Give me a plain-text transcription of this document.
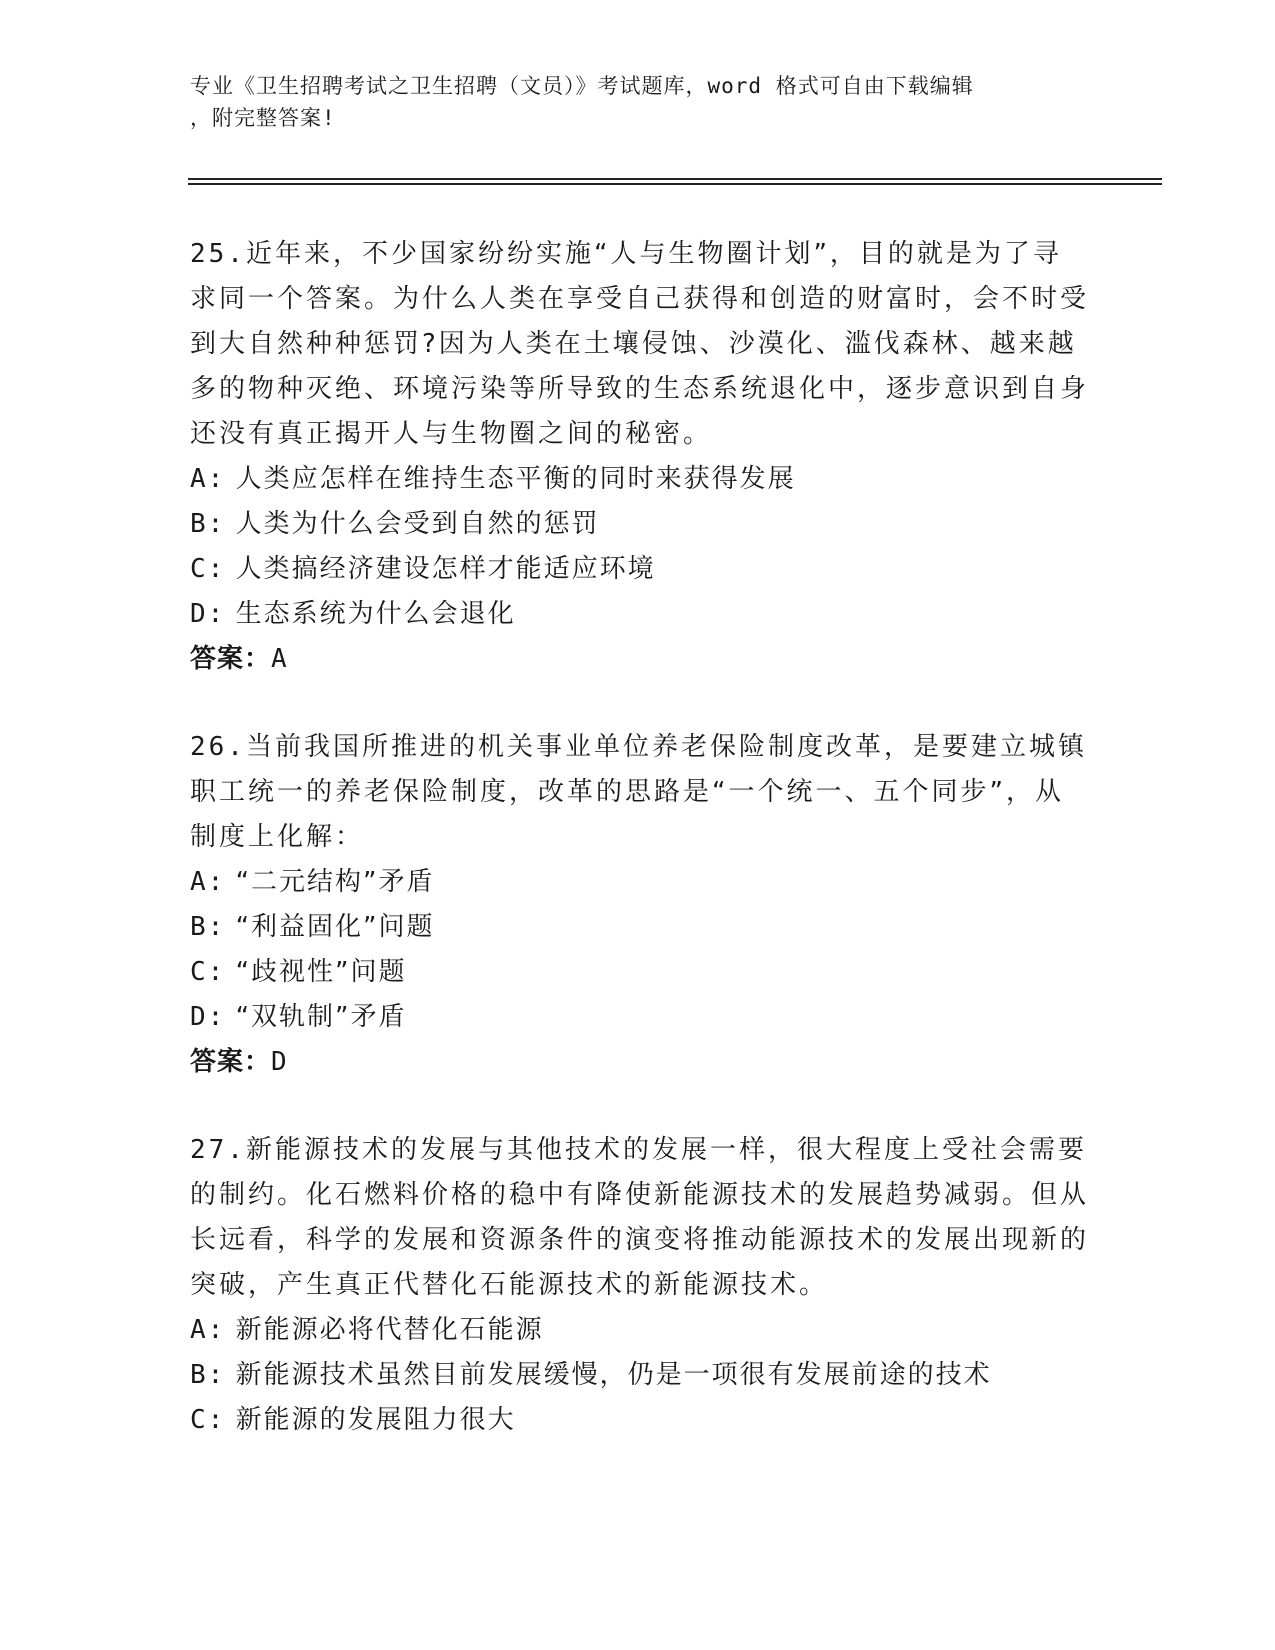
专业《卫生招聘考试之卫生招聘（文员）》考试题库，word 格式可自由下载编辑
，附完整答案!
25.近年来，不少国家纷纷实施“人与生物圈计划”，目的就是为了寻求同一个答案。为什么人类在享受自己获得和创造的财富时，会不时受到大自然种种惩罚?因为人类在土壤侵蚀、沙漠化、滥伐森林、越来越多的物种灭绝、环境污染等所导致的生态系统退化中，逐步意识到自身还没有真正揭开人与生物圈之间的秘密。
A: 人类应怎样在维持生态平衡的同时来获得发展
B: 人类为什么会受到自然的惩罚
C: 人类搞经济建设怎样才能适应环境
D: 生态系统为什么会退化
答案：A
26.当前我国所推进的机关事业单位养老保险制度改革，是要建立城镇职工统一的养老保险制度，改革的思路是“一个统一、五个同步”，从制度上化解：
A: “二元结构”矛盾
B: “利益固化”问题
C: “歧视性”问题
D: “双轨制”矛盾
答案：D
27.新能源技术的发展与其他技术的发展一样，很大程度上受社会需要的制约。化石燃料价格的稳中有降使新能源技术的发展趋势减弱。但从长远看，科学的发展和资源条件的演变将推动能源技术的发展出现新的突破，产生真正代替化石能源技术的新能源技术。
A: 新能源必将代替化石能源
B: 新能源技术虽然目前发展缓慢，仍是一项很有发展前途的技术
C: 新能源的发展阻力很大
